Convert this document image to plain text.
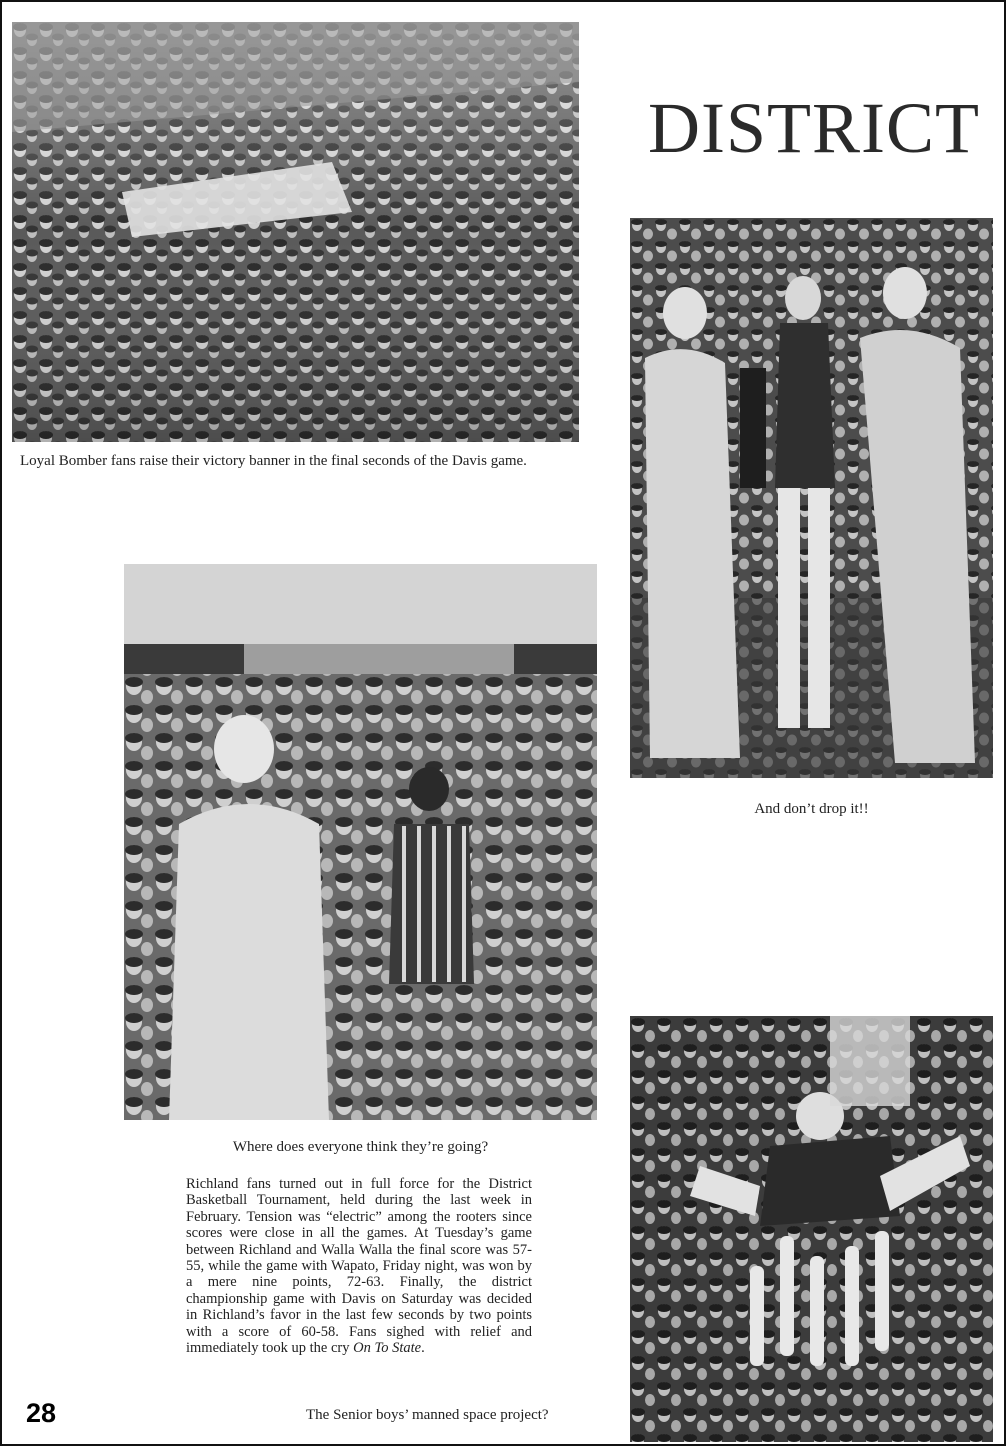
Loyal Bomber fans raise their victory banner in the final seconds of the Davis game.
DISTRICT
And don’t drop it!!
Where does everyone think they’re going?
Richland fans turned out in full force for the District Basketball Tournament, held during the last week in February. Tension was “electric” among the rooters since scores were close in all the games. At Tuesday’s game between Richland and Walla Walla the final score was 57-55, while the game with Wapato, Friday night, was won by a mere nine points, 72-63. Finally, the district championship game with Davis on Saturday was decided in Richland’s favor in the last few seconds by two points with a score of 60-58. Fans sighed with relief and immediately took up the cry On To State.
The Senior boys’ manned space project?
28
